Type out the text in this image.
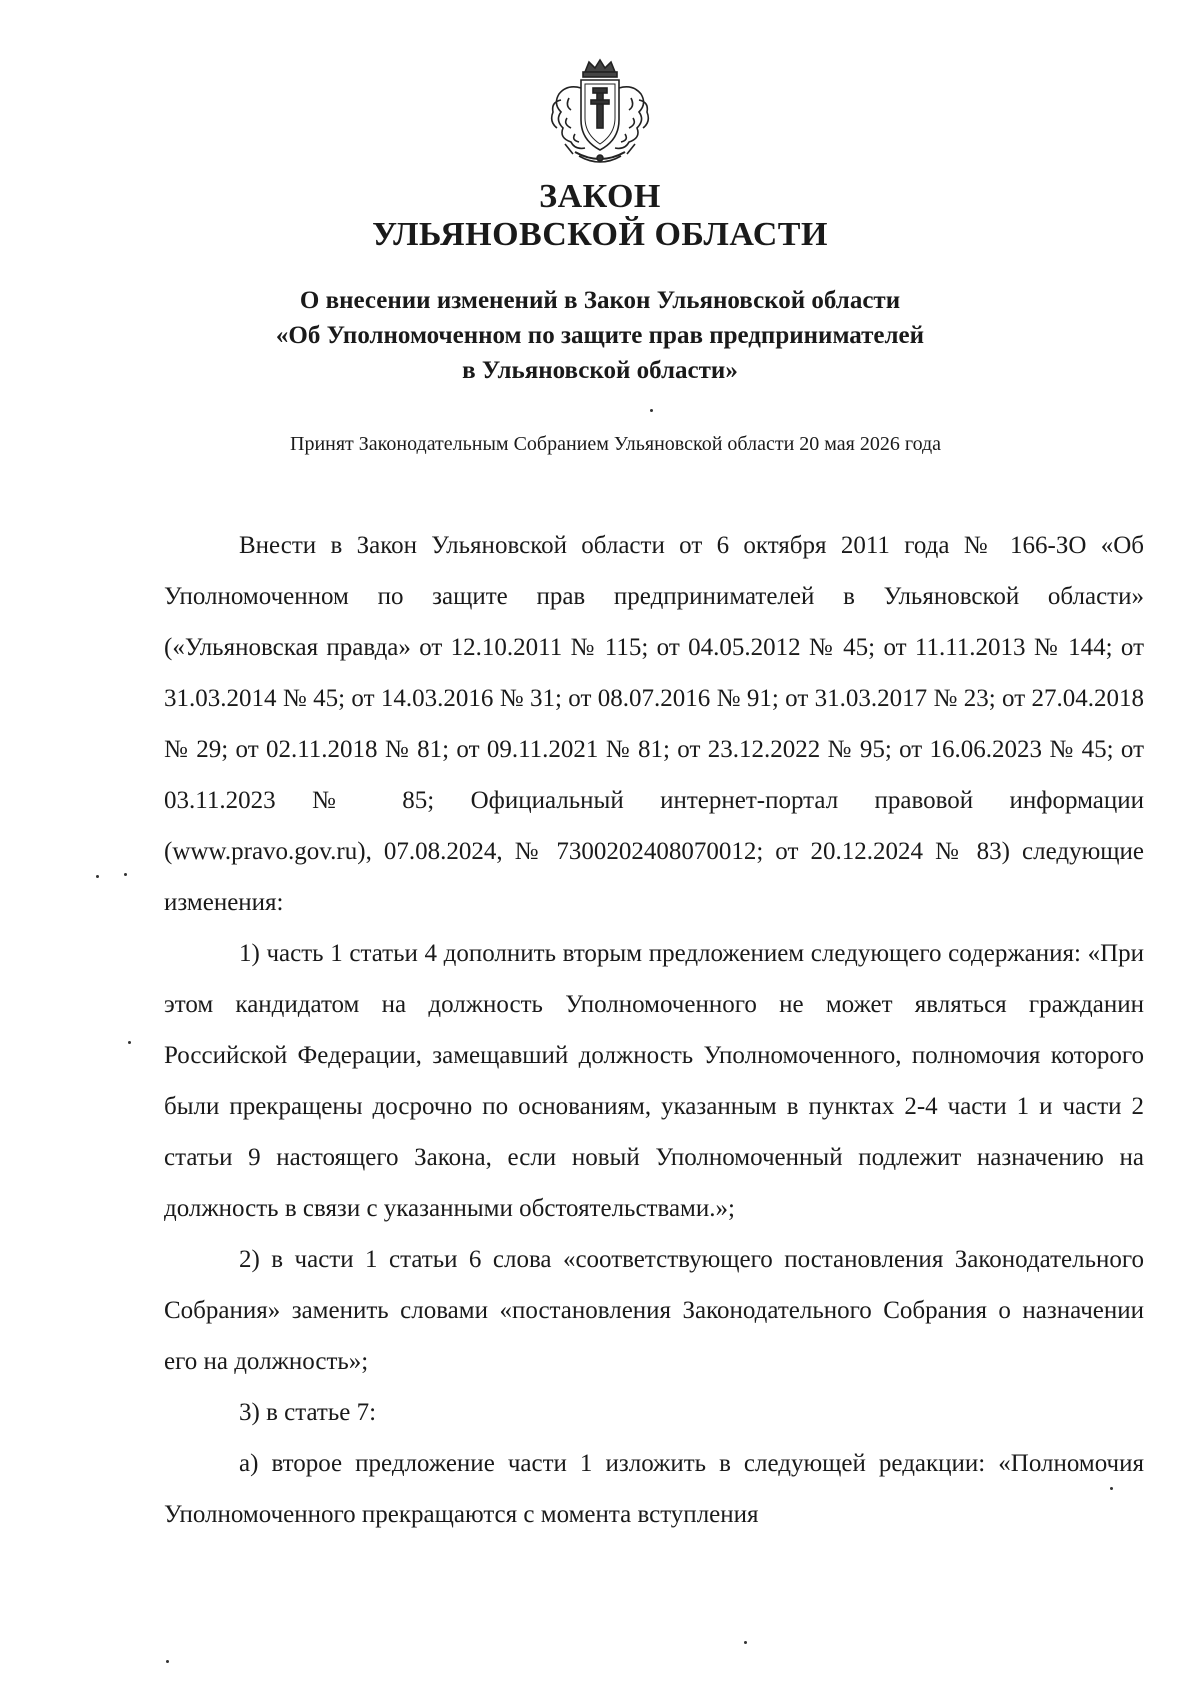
ЗАКОН
УЛЬЯНОВСКОЙ ОБЛАСТИ
О внесении изменений в Закон Ульяновской области
«Об Уполномоченном по защите прав предпринимателей
в Ульяновской области»
Принят Законодательным Собранием Ульяновской области 20 мая 2026 года

Внести в Закон Ульяновской области от 6 октября 2011 года № 166-ЗО «Об Уполномоченном по защите прав предпринимателей в Ульяновской области» («Ульяновская правда» от 12.10.2011 № 115; от 04.05.2012 № 45; от 11.11.2013 № 144; от 31.03.2014 № 45; от 14.03.2016 № 31; от 08.07.2016 № 91; от 31.03.2017 № 23; от 27.04.2018 № 29; от 02.11.2018 № 81; от 09.11.2021 № 81; от 23.12.2022 № 95; от 16.06.2023 № 45; от 03.11.2023 № 85; Официальный интернет-портал правовой информации (www.pravo.gov.ru), 07.08.2024, № 7300202408070012; от 20.12.2024 № 83) следующие изменения:

1) часть 1 статьи 4 дополнить вторым предложением следующего содержания: «При этом кандидатом на должность Уполномоченного не может являться гражданин Российской Федерации, замещавший должность Уполномоченного, полномочия которого были прекращены досрочно по основаниям, указанным в пунктах 2-4 части 1 и части 2 статьи 9 настоящего Закона, если новый Уполномоченный подлежит назначению на должность в связи с указанными обстоятельствами.»;

2) в части 1 статьи 6 слова «соответствующего постановления Законодательного Собрания» заменить словами «постановления Законодательного Собрания о назначении его на должность»;

3) в статье 7:

а) второе предложение части 1 изложить в следующей редакции: «Полномочия Уполномоченного прекращаются с момента вступления
